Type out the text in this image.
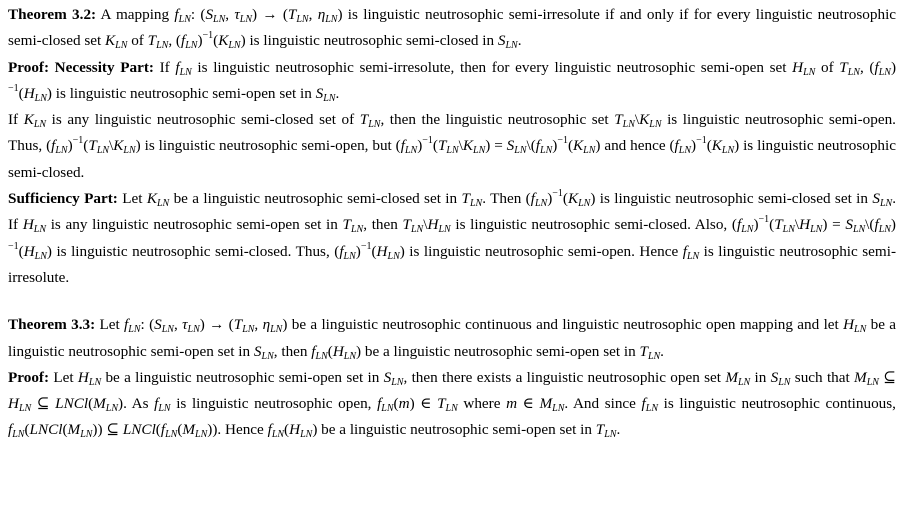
Theorem 3.2: A mapping $f_{LN}$: ($S_{LN}$, $\tau_{LN}) \to (T_{LN}$, $\eta_{LN}$) is linguistic neutrosophic semi-irresolute if and only if for every linguistic neutrosophic semi-closed set $K_{LN}$ of $T_{LN}$, $(f_{LN})^{-1}(K_{LN})$ is linguistic neutrosophic semi-closed in $S_{LN}$.

Proof: Necessity Part: If $f_{LN}$ is linguistic neutrosophic semi-irresolute, then for every linguistic neutrosophic semi-open set $H_{LN}$ of $T_{LN}$, $(f_{LN})^{-1}(H_{LN})$ is linguistic neutrosophic semi-open set in $S_{LN}$.

If $K_{LN}$ is any linguistic neutrosophic semi-closed set of $T_{LN}$, then the linguistic neutrosophic set $T_{LN}\backslash K_{LN}$ is linguistic neutrosophic semi-open. Thus, $(f_{LN})^{-1}(T_{LN}\backslash K_{LN})$ is linguistic neutrosophic semi-open, but $(f_{LN})^{-1}(T_{LN}\backslash K_{LN})$ = $S_{LN}\backslash(f_{LN})^{-1}(K_{LN})$ and hence $(f_{LN})^{-1}(K_{LN})$ is linguistic neutrosophic semi-closed.

Sufficiency Part: Let $K_{LN}$ be a linguistic neutrosophic semi-closed set in $T_{LN}$. Then $(f_{LN})^{-1}(K_{LN})$ is linguistic neutrosophic semi-closed set in $S_{LN}$. If $H_{LN}$ is any linguistic neutrosophic semi-open set in $T_{LN}$, then $T_{LN}\backslash H_{LN}$ is linguistic neutrosophic semi-closed. Also, $(f_{LN})^{-1}(T_{LN}\backslash H_{LN})$ = $S_{LN}\backslash(f_{LN})^{-1}(H_{LN})$ is linguistic neutrosophic semi-closed. Thus, $(f_{LN})^{-1}(H_{LN})$ is linguistic neutrosophic semi-open. Hence $f_{LN}$ is linguistic neutrosophic semi-irresolute.

Theorem 3.3: Let $f_{LN}$: ($S_{LN}$, $\tau_{LN}) \to (T_{LN}$, $\eta_{LN}$) be a linguistic neutrosophic continuous and linguistic neutrosophic open mapping and let $H_{LN}$ be a linguistic neutrosophic semi-open set in $S_{LN}$, then $f_{LN}(H_{LN})$ be a linguistic neutrosophic semi-open set in $T_{LN}$.

Proof: Let $H_{LN}$ be a linguistic neutrosophic semi-open set in $S_{LN}$, then there exists a linguistic neutrosophic open set $M_{LN}$ in $S_{LN}$ such that $M_{LN}$ ⊆ $H_{LN}$ ⊆ $LNCl(M_{LN})$. As $f_{LN}$ is linguistic neutrosophic open, $f_{LN}(m)$ ∈ $T_{LN}$ where m ∈ $M_{LN}$. And since $f_{LN}$ is linguistic neutrosophic continuous, $f_{LN}(LNCl(M_{LN}))$ ⊆ $LNCl(f_{LN}(M_{LN}))$. Hence $f_{LN}(H_{LN})$ be a linguistic neutrosophic semi-open set in $T_{LN}$.
